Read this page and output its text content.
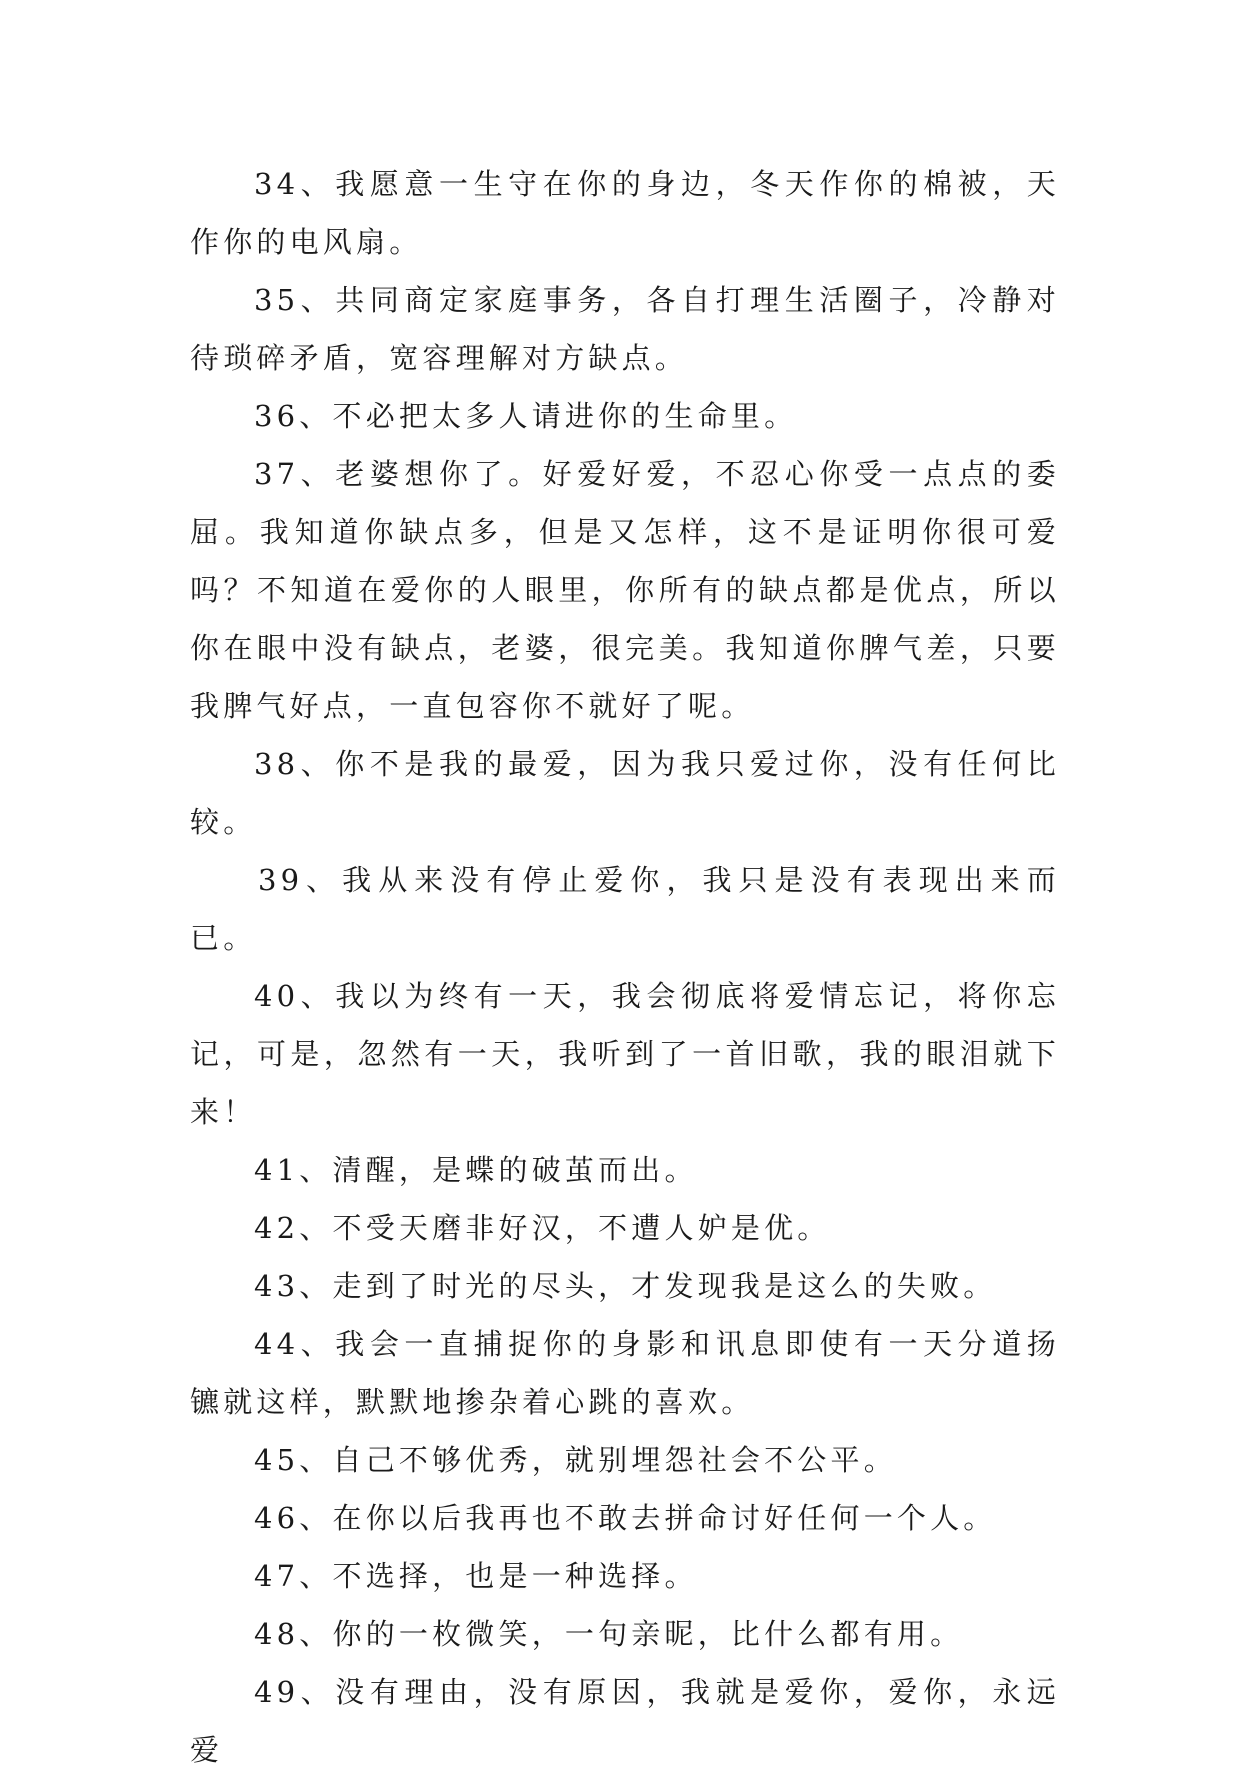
34、我愿意一生守在你的身边，冬天作你的棉被，天作你的电风扇。

35、共同商定家庭事务，各自打理生活圈子，冷静对待琐碎矛盾，宽容理解对方缺点。

36、不必把太多人请进你的生命里。

37、老婆想你了。好爱好爱，不忍心你受一点点的委屈。我知道你缺点多，但是又怎样，这不是证明你很可爱吗？不知道在爱你的人眼里，你所有的缺点都是优点，所以你在眼中没有缺点，老婆，很完美。我知道你脾气差，只要我脾气好点，一直包容你不就好了呢。

38、你不是我的最爱，因为我只爱过你，没有任何比较。

39、我从来没有停止爱你，我只是没有表现出来而已。

40、我以为终有一天，我会彻底将爱情忘记，将你忘记，可是，忽然有一天，我听到了一首旧歌，我的眼泪就下来！

41、清醒，是蝶的破茧而出。

42、不受天磨非好汉，不遭人妒是优。

43、走到了时光的尽头，才发现我是这么的失败。

44、我会一直捕捉你的身影和讯息即使有一天分道扬镳就这样，默默地掺杂着心跳的喜欢。

45、自己不够优秀，就别埋怨社会不公平。

46、在你以后我再也不敢去拼命讨好任何一个人。

47、不选择，也是一种选择。

48、你的一枚微笑，一句亲昵，比什么都有用。

49、没有理由，没有原因，我就是爱你，爱你，永远爱
